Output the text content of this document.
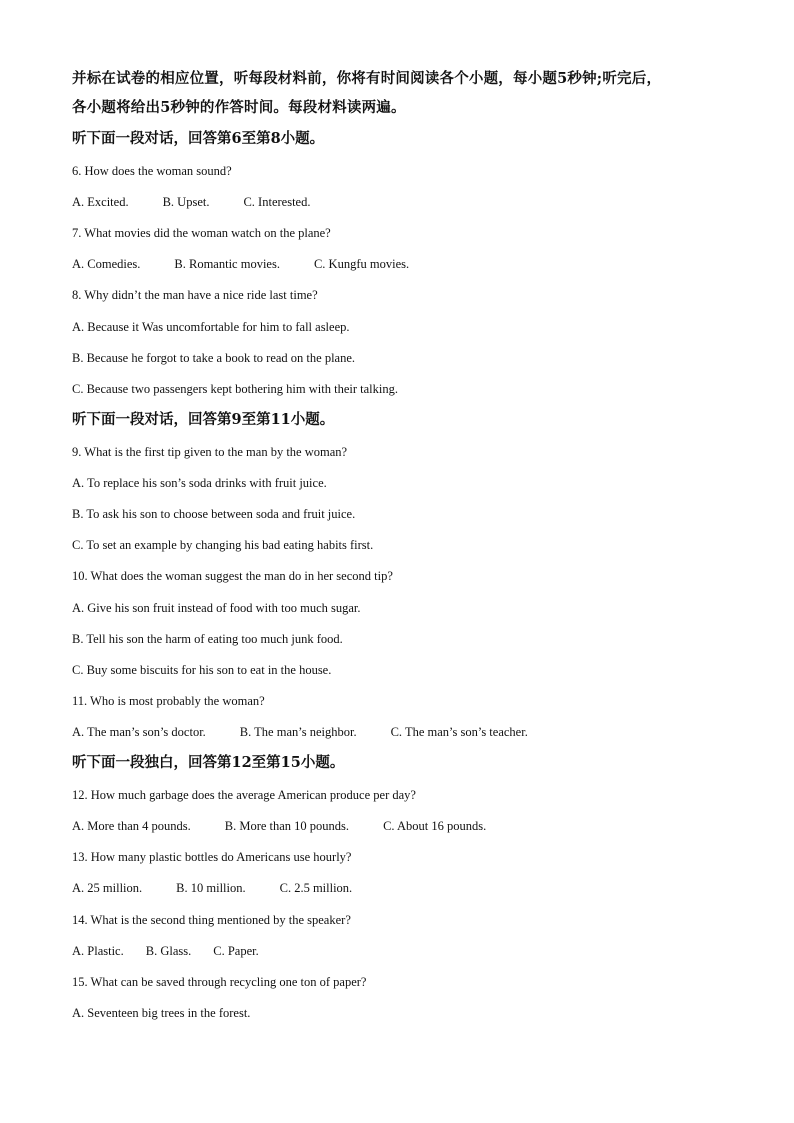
并标在试卷的相应位置，听每段材料前，你将有时间阅读各个小题，每小题5秒钟;听完后，
各小题将给出5秒钟的作答时间。每段材料读两遍。
听下面一段对话，回答第6至第8小题。
6. How does the woman sound?
A. Excited.	B. Upset.	C. Interested.
7. What movies did the woman watch on the plane?
A. Comedies.	B. Romantic movies.	C. Kungfu movies.
8. Why didn’t the man have a nice ride last time?
A. Because it Was uncomfortable for him to fall asleep.
B. Because he forgot to take a book to read on the plane.
C. Because two passengers kept bothering him with their talking.
听下面一段对话，回答第9至第11小题。
9. What is the first tip given to the man by the woman?
A. To replace his son’s soda drinks with fruit juice.
B. To ask his son to choose between soda and fruit juice.
C. To set an example by changing his bad eating habits first.
10. What does the woman suggest the man do in her second tip?
A. Give his son fruit instead of food with too much sugar.
B. Tell his son the harm of eating too much junk food.
C. Buy some biscuits for his son to eat in the house.
11. Who is most probably the woman?
A. The man’s son’s doctor.	B. The man’s neighbor.	C. The man’s son’s teacher.
听下面一段独白，回答第12至第15小题。
12. How much garbage does the average American produce per day?
A. More than 4 pounds.	B. More than 10 pounds.	C. About 16 pounds.
13. How many plastic bottles do Americans use hourly?
A. 25 million.	B. 10 million.	C. 2.5 million.
14. What is the second thing mentioned by the speaker?
A. Plastic. B. Glass. C. Paper.
15. What can be saved through recycling one ton of paper?
A. Seventeen big trees in the forest.
